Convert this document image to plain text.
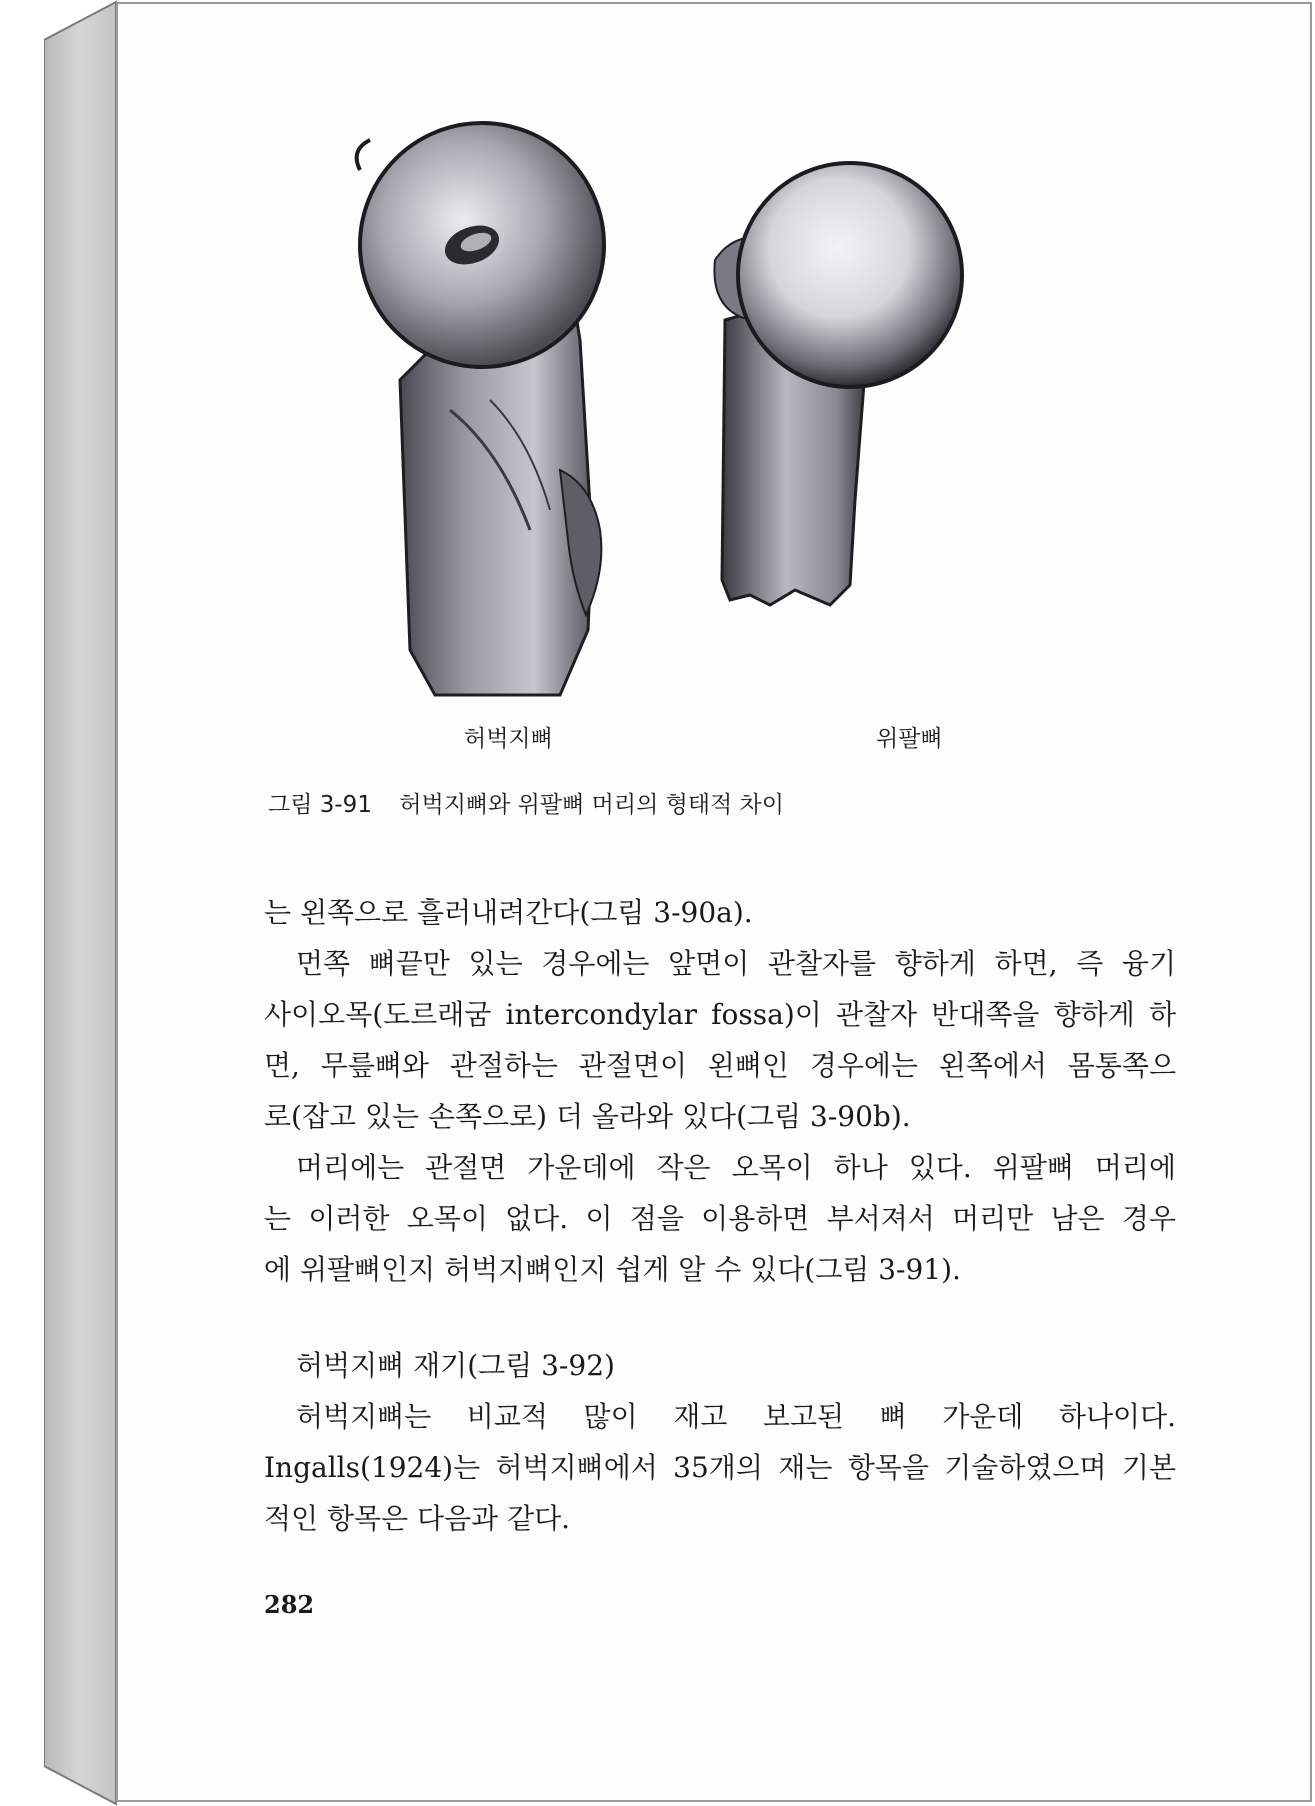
허벅지뼈	위팔뼈
그림 3-91 허벅지뼈와 위팔뼈 머리의 형태적 차이
는 왼쪽으로 흘러내려간다(그림 3-90a).
먼쪽 뼈끝만 있는 경우에는 앞면이 관찰자를 향하게 하면, 즉 융기
사이오목(도르래굼 intercondylar fossa)이 관찰자 반대쪽을 향하게 하
면, 무릎뼈와 관절하는 관절면이 왼뼈인 경우에는 왼쪽에서 몸통쪽으
로(잡고 있는 손쪽으로) 더 올라와 있다(그림 3-90b).
머리에는 관절면 가운데에 작은 오목이 하나 있다. 위팔뼈 머리에
는 이러한 오목이 없다. 이 점을 이용하면 부서져서 머리만 남은 경우
에 위팔뼈인지 허벅지뼈인지 쉽게 알 수 있다(그림 3-91).
허벅지뼈 재기(그림 3-92)
허벅지뼈는 비교적 많이 재고 보고된 뼈 가운데 하나이다.
Ingalls(1924)는 허벅지뼈에서 35개의 재는 항목을 기술하였으며 기본
적인 항목은 다음과 같다.
282
